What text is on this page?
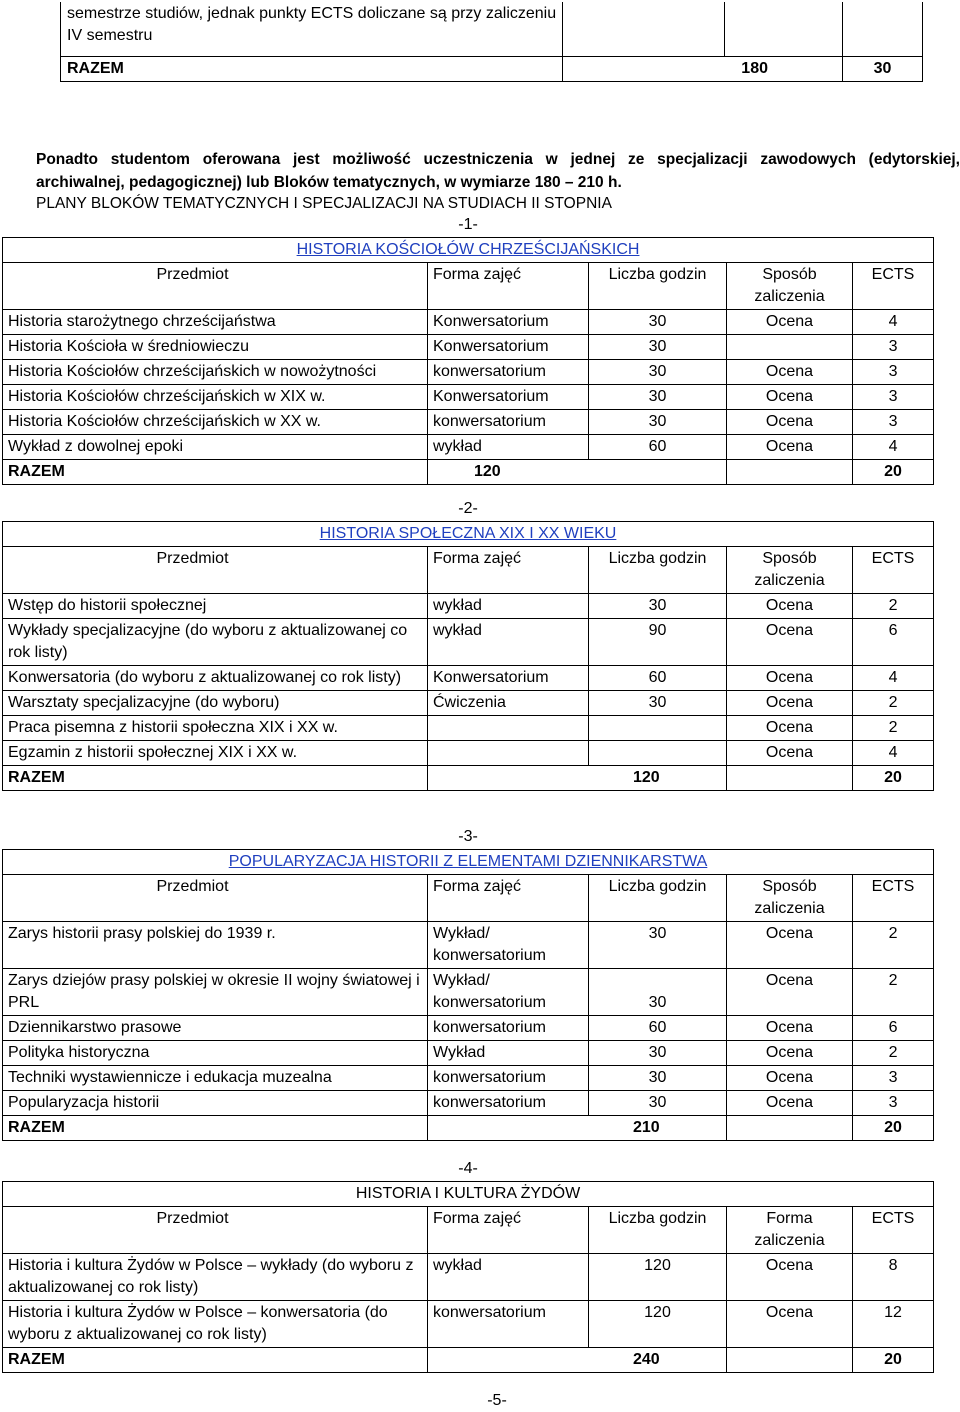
semestrze studiów, jednak punkty ECTS doliczane są przy zaliczeniu
IV semestru			

RAZEM	180		30
Ponadto studentom oferowana jest możliwość uczestniczenia w jednej ze specjalizacji zawodowych (edytorskiej, archiwalnej, pedagogicznej) lub Bloków tematycznych, w wymiarze 180 – 210 h.
PLANY BLOKÓW TEMATYCZNYCH I SPECJALIZACJI NA STUDIACH II STOPNIA
-1-				
HISTORIA KOŚCIOŁÓW CHRZEŚCIJAŃSKICH				
Przedmiot	Forma zajęć	Liczba godzin	Sposób
zaliczenia	ECTS
Historia starożytnego chrześcijaństwa	Konwersatorium	30	Ocena	4
Historia Kościoła w średniowieczu	Konwersatorium	30		3
Historia Kościołów chrześcijańskich w nowożytności	konwersatorium	30	Ocena	3
Historia Kościołów chrześcijańskich w XIX w.	Konwersatorium	30	Ocena	3
Historia Kościołów chrześcijańskich w XX w.	konwersatorium	30	Ocena	3
Wykład z dowolnej epoki	wykład	60	Ocena	4
RAZEM	120			20
-2-				
HISTORIA SPOŁECZNA XIX I XX WIEKU				
Przedmiot	Forma zajęć	Liczba godzin	Sposób
zaliczenia	ECTS
Wstęp do historii społecznej	wykład	30	Ocena	2
Wykłady specjalizacyjne (do wyboru z aktualizowanej co rok listy)	wykład	90	Ocena	6
Konwersatoria (do wyboru z aktualizowanej co rok listy)	Konwersatorium	60	Ocena	4
Warsztaty specjalizacyjne (do wyboru)	Ćwiczenia	30	Ocena	2
Praca pisemna z historii społeczna XIX i XX w.			Ocena	2
Egzamin z historii społecznej XIX i XX w.			Ocena	4
RAZEM	120			20
-3-				
POPULARYZACJA HISTORII Z ELEMENTAMI DZIENNIKARSTWA				
Przedmiot	Forma zajęć	Liczba godzin	Sposób
zaliczenia	ECTS
Zarys historii prasy polskiej do 1939 r.	Wykład/
konwersatorium	30	Ocena	2
Zarys dziejów prasy polskiej w okresie II wojny światowej i PRL	Wykład/
konwersatorium	30	Ocena	2
Dziennikarstwo prasowe	konwersatorium	60	Ocena	6
Polityka historyczna	Wykład	30	Ocena	2
Techniki wystawiennicze i edukacja muzealna	konwersatorium	30	Ocena	3
Popularyzacja historii	konwersatorium	30	Ocena	3
RAZEM	210			20
-4-				
HISTORIA I KULTURA ŻYDÓW				
Przedmiot	Forma zajęć	Liczba godzin	Forma
zaliczenia	ECTS
Historia i kultura Żydów w Polsce – wykłady (do wyboru z aktualizowanej co rok listy)	wykład	120	Ocena	8
Historia i kultura Żydów w Polsce – konwersatoria (do wyboru z aktualizowanej co rok listy)	konwersatorium	120	Ocena	12
RAZEM	240			20
-5-
